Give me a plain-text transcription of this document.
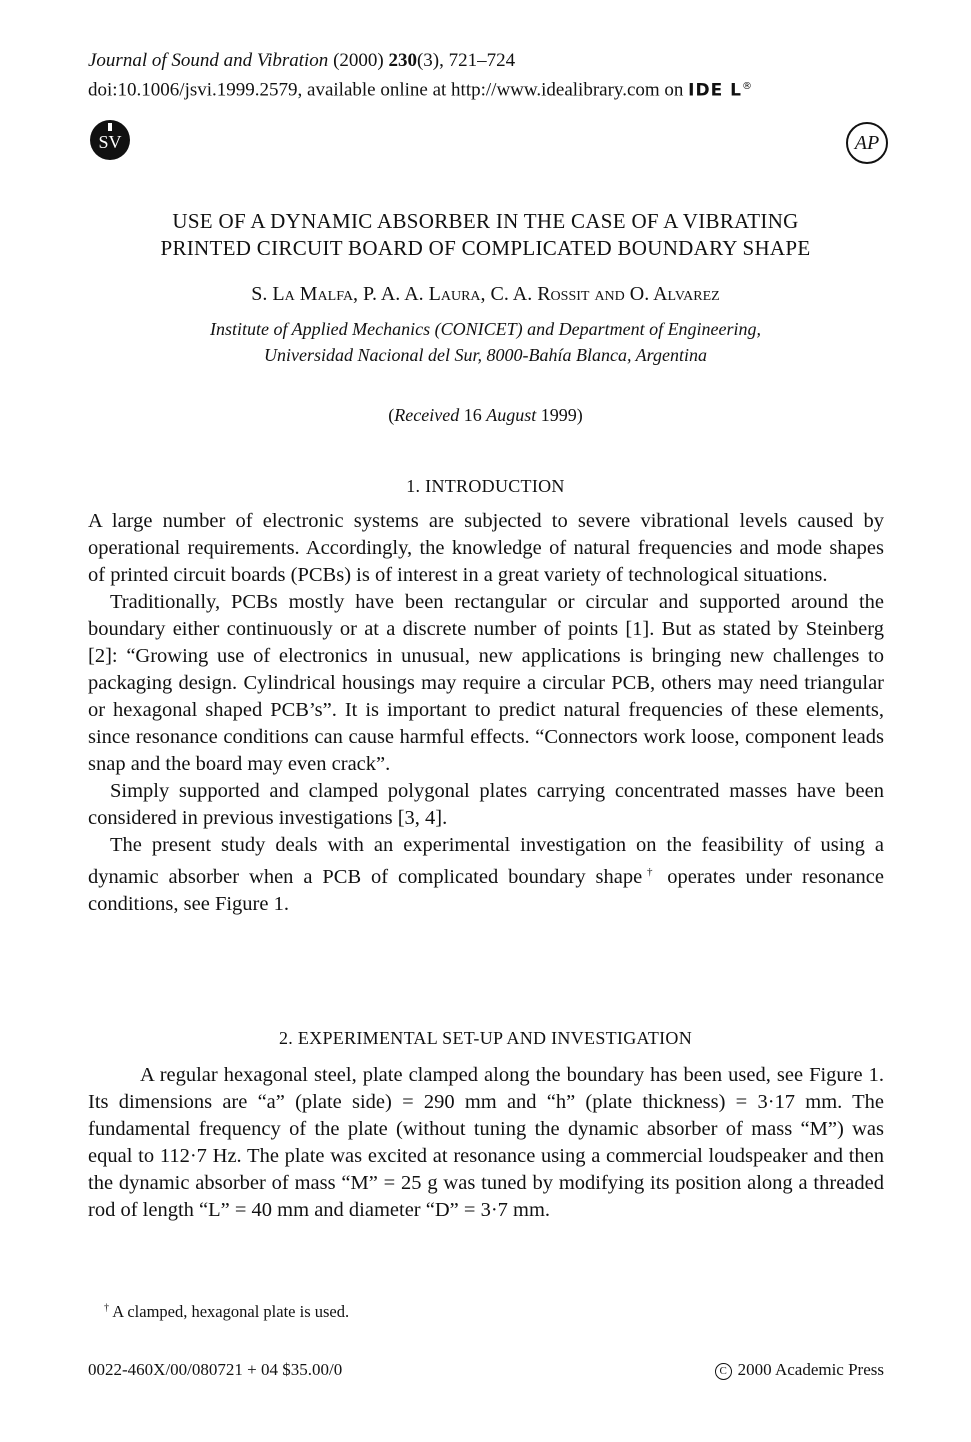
Journal of Sound and Vibration (2000) 230(3), 721–724
doi:10.1006/jsvi.1999.2579, available online at http://www.idealibrary.com on IDE L®
SV	AP
USE OF A DYNAMIC ABSORBER IN THE CASE OF A VIBRATING
PRINTED CIRCUIT BOARD OF COMPLICATED BOUNDARY SHAPE
S. La Malfa, P. A. A. Laura, C. A. Rossit and O. Alvarez
Institute of Applied Mechanics (CONICET) and Department of Engineering,
Universidad Nacional del Sur, 8000-Bahía Blanca, Argentina
(Received 16 August 1999)
1. INTRODUCTION

A large number of electronic systems are subjected to severe vibrational levels caused by operational requirements. Accordingly, the knowledge of natural frequencies and mode shapes of printed circuit boards (PCBs) is of interest in a great variety of technological situations.

Traditionally, PCBs mostly have been rectangular or circular and supported around the boundary either continuously or at a discrete number of points [1]. But as stated by Steinberg [2]: “Growing use of electronics in unusual, new applications is bringing new challenges to packaging design. Cylindrical housings may require a circular PCB, others may need triangular or hexagonal shaped PCB’s”. It is important to predict natural frequencies of these elements, since resonance conditions can cause harmful effects. “Connectors work loose, component leads snap and the board may even crack”.

Simply supported and clamped polygonal plates carrying concentrated masses have been considered in previous investigations [3, 4].

The present study deals with an experimental investigation on the feasibility of using a dynamic absorber when a PCB of complicated boundary shape† operates under resonance conditions, see Figure 1.

2. EXPERIMENTAL SET-UP AND INVESTIGATION

A regular hexagonal steel, plate clamped along the boundary has been used, see Figure 1. Its dimensions are “a” (plate side) = 290 mm and “h” (plate thickness) = 3·17 mm. The fundamental frequency of the plate (without tuning the dynamic absorber of mass “M”) was equal to 112·7 Hz. The plate was excited at resonance using a commercial loudspeaker and then the dynamic absorber of mass “M” = 25 g was tuned by modifying its position along a threaded rod of length “L” = 40 mm and diameter “D” = 3·7 mm.

† A clamped, hexagonal plate is used.
0022-460X/00/080721 + 04 $35.00/0	C 2000 Academic Press
